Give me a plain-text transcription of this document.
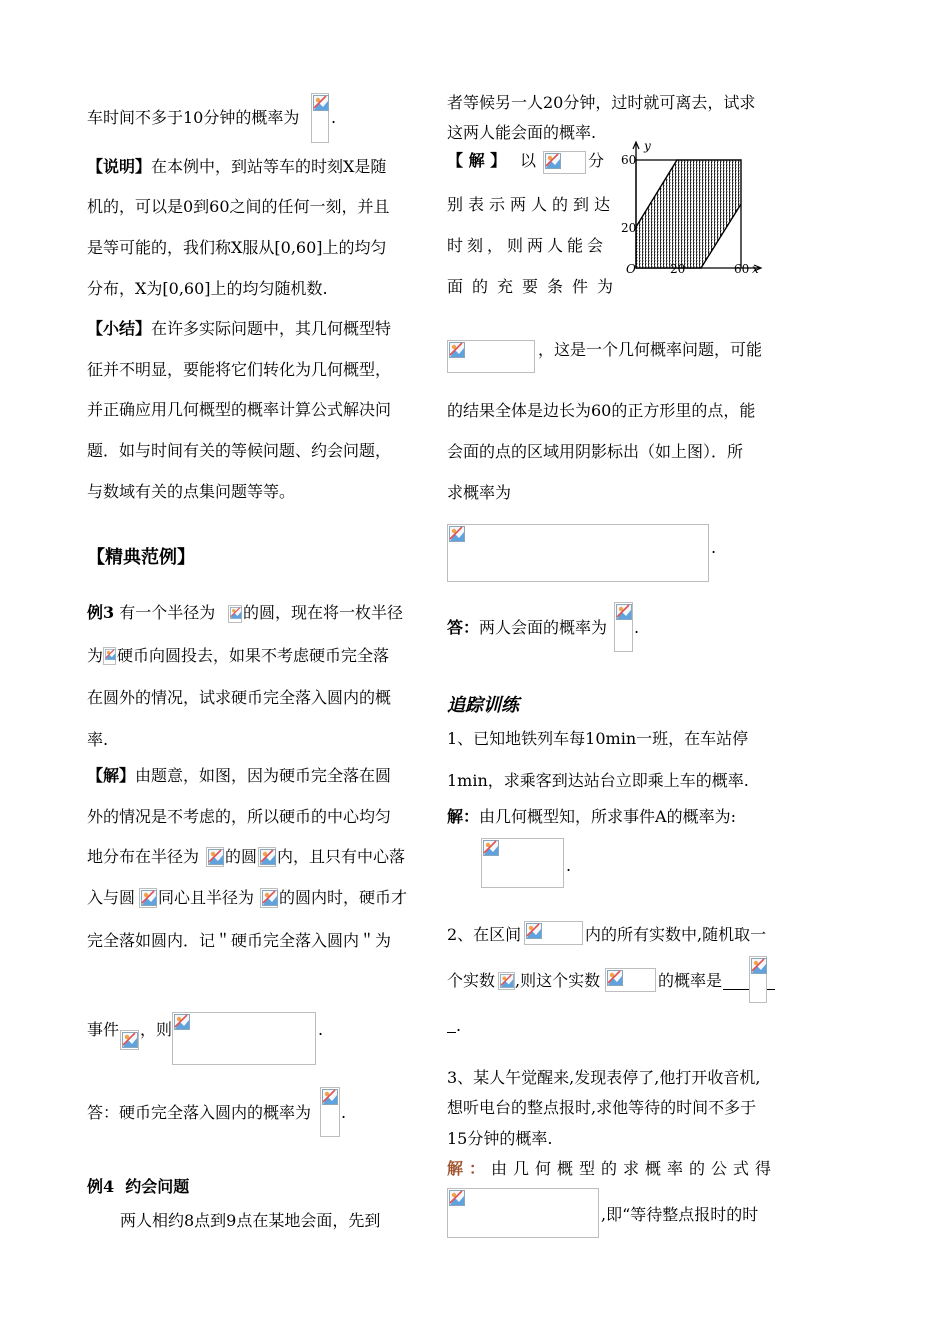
车时间不多于10分钟的概率为 .
【说明】在本例中，到站等车的时刻X是随
机的，可以是0到60之间的任何一刻，并且
是等可能的，我们称X服从[0,60]上的均匀
分布，X为[0,60]上的均匀随机数.
【小结】在许多实际问题中，其几何概型特
征并不明显，要能将它们转化为几何概型，
并正确应用几何概型的概率计算公式解决问
题．如与时间有关的等候问题、约会问题，
与数域有关的点集问题等等。
【精典范例】
例3 有一个半径为 的圆，现在将一枚半径
为 硬币向圆投去，如果不考虑硬币完全落
在圆外的情况，试求硬币完全落入圆内的概
率.
【解】由题意，如图，因为硬币完全落在圆
外的情况是不考虑的，所以硬币的中心均匀
地分布在半径为 的圆 内，且只有中心落
入与圆 同心且半径为 的圆内时，硬币才
完全落如圆内．记＂硬币完全落入圆内＂为
事件 ，则	.
答：硬币完全落入圆内的概率为 .
例4 约会问题
两人相约8点到9点在某地会面，先到
者等候另一人20分钟，过时就可离去，试求
这两人能会面的概率.
【 解 】 以	分
别表示两人的到达
时刻，则两人能会
面的充要条件为
y
60
20
O	20	60 x
，这是一个几何概率问题，可能
的结果全体是边长为60的正方形里的点，能
会面的点的区域用阴影标出（如上图）．所
求概率为
.
答：两人会面的概率为 .
追踪训练
1、已知地铁列车每10min一班，在车站停
1min，求乘客到达站台立即乘上车的概率.
解：由几何概型知，所求事件A的概率为:
.
2、在区间	内的所有实数中,随机取一
个实数 ,则这个实数	的概率是
.
3、某人午觉醒来,发现表停了,他打开收音机,
想听电台的整点报时,求他等待的时间不多于
15分钟的概率.
解：由几何概型的求概率的公式得
,即“等待整点报时的时
